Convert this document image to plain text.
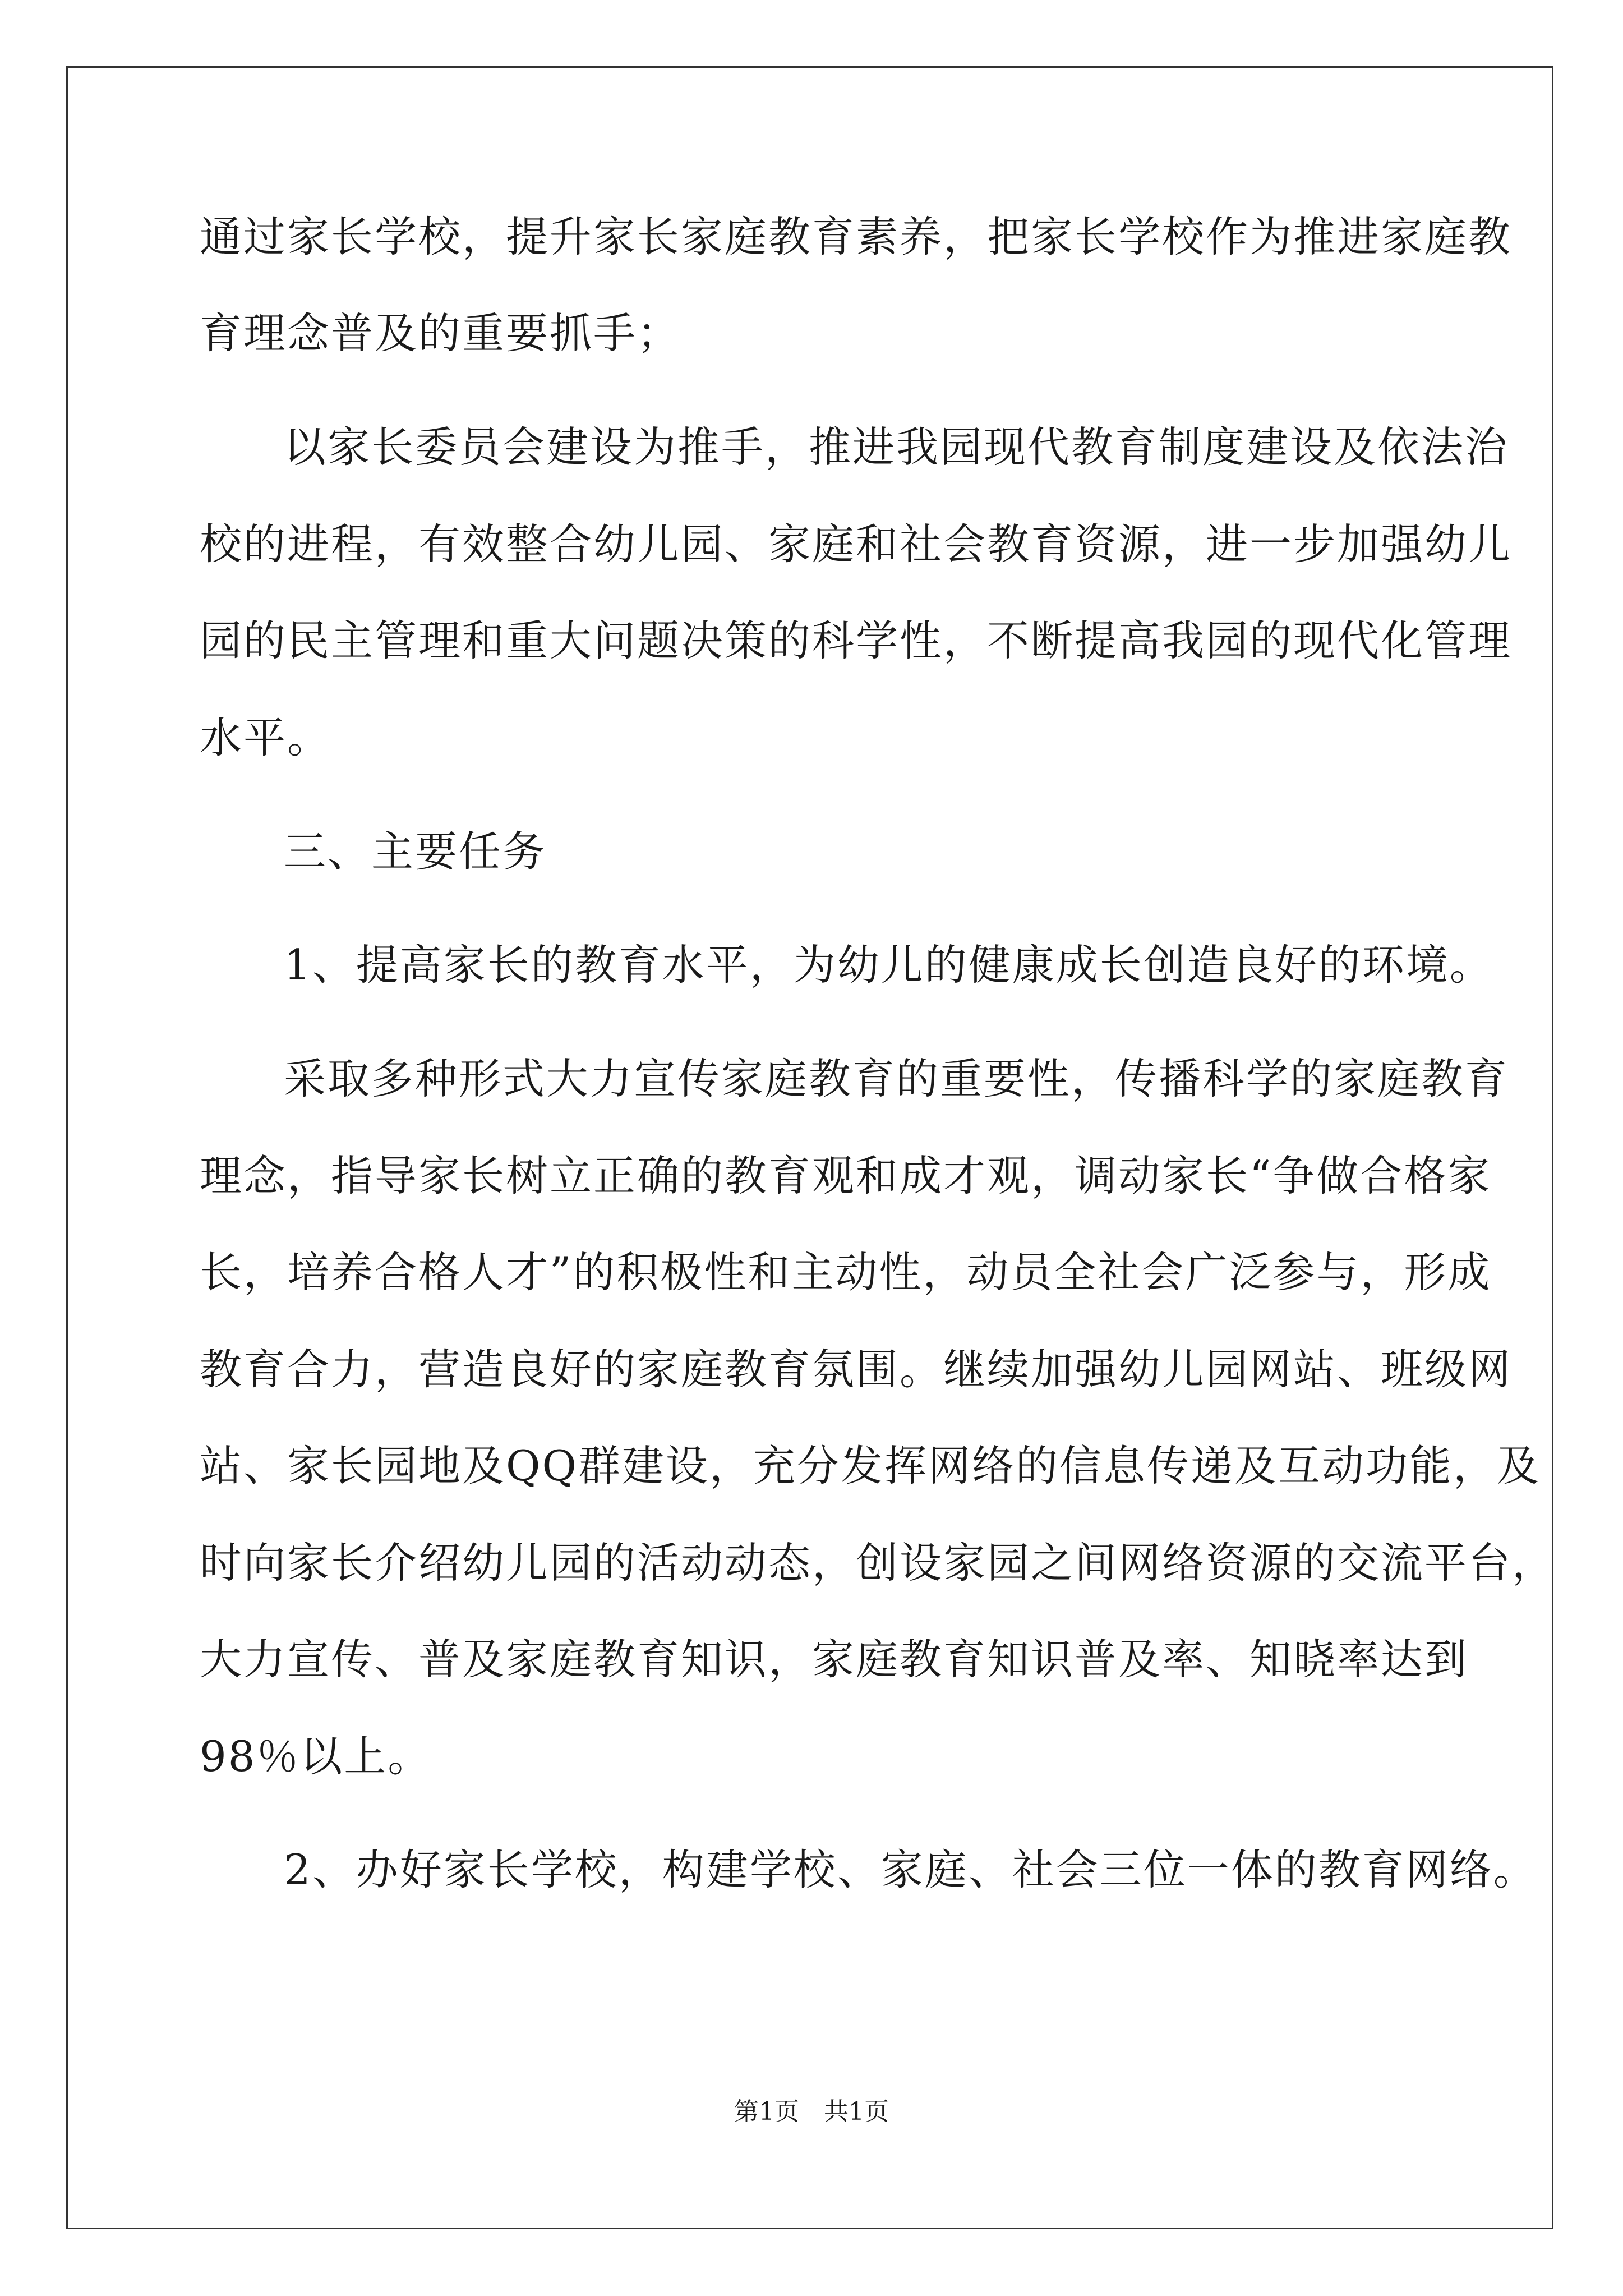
通过家长学校，提升家长家庭教育素养，把家长学校作为推进家庭教
育理念普及的重要抓手；
以家长委员会建设为推手，推进我园现代教育制度建设及依法治
校的进程，有效整合幼儿园、家庭和社会教育资源，进一步加强幼儿
园的民主管理和重大问题决策的科学性，不断提高我园的现代化管理
水平。
三、主要任务
1、提高家长的教育水平，为幼儿的健康成长创造良好的环境。
采取多种形式大力宣传家庭教育的重要性，传播科学的家庭教育
理念，指导家长树立正确的教育观和成才观，调动家长“争做合格家
长，培养合格人才”的积极性和主动性，动员全社会广泛参与，形成
教育合力，营造良好的家庭教育氛围。继续加强幼儿园网站、班级网
站、家长园地及QQ群建设，充分发挥网络的信息传递及互动功能，及
时向家长介绍幼儿园的活动动态，创设家园之间网络资源的交流平台，
大力宣传、普及家庭教育知识，家庭教育知识普及率、知晓率达到
98％以上。
2、办好家长学校，构建学校、家庭、社会三位一体的教育网络。
第1页　共1页
